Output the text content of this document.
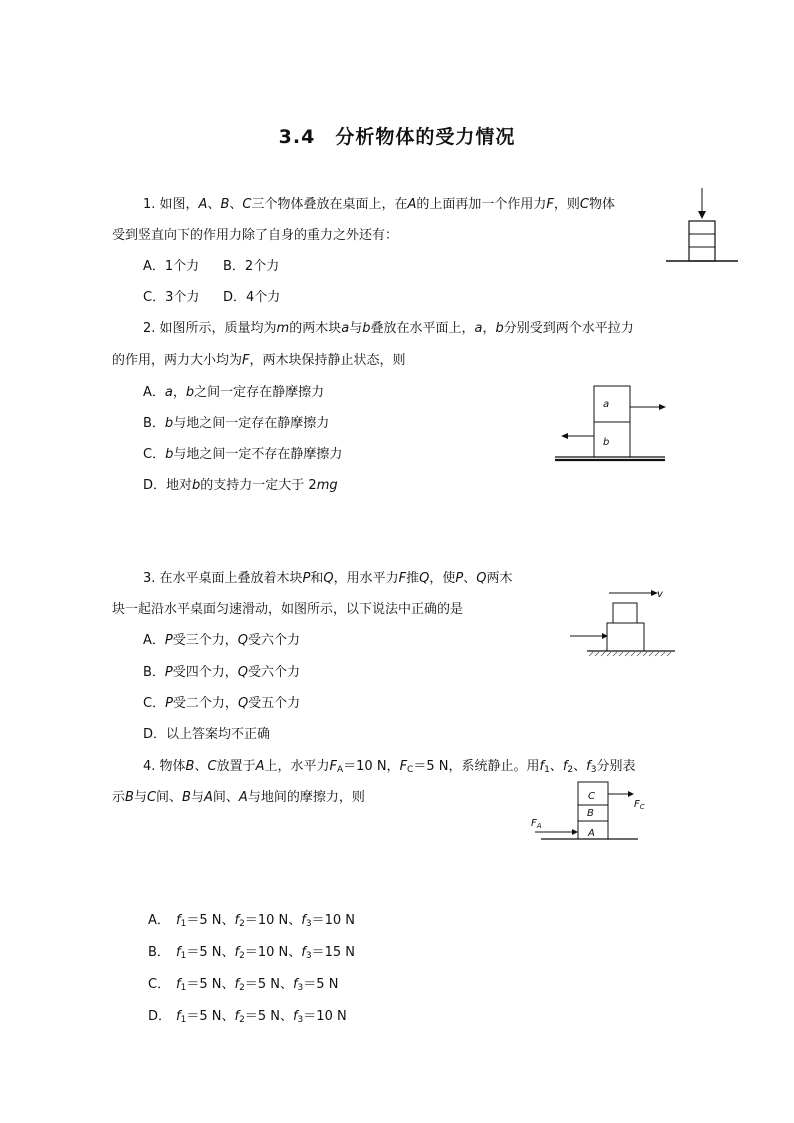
3.4　分析物体的受力情况
1. 如图，A、B、C三个物体叠放在桌面上，在A的上面再加一个作用力F，则C物体
受到竖直向下的作用力除了自身的重力之外还有：
A．1个力 B．2个力
C．3个力 D．4个力
2. 如图所示，质量均为m的两木块a与b叠放在水平面上，a，b分别受到两个水平拉力
的作用，两力大小均为F，两木块保持静止状态，则
A．a，b之间一定存在静摩擦力
B．b与地之间一定存在静摩擦力
C．b与地之间一定不存在静摩擦力
D．地对b的支持力一定大于 2mg
a
b
3. 在水平桌面上叠放着木块P和Q，用水平力F推Q，使P、Q两木
块一起沿水平桌面匀速滑动，如图所示，以下说法中正确的是
A．P受三个力，Q受六个力
B．P受四个力，Q受六个力
C．P受二个力，Q受五个力
D．以上答案均不正确
v
4. 物体B、C放置于A上，水平力$F_A=10$ N，$F_C=5$ N，系统静止。用$f_1$、$f_2$、$f_3$分别表
示B与C间、B与A间、A与地间的摩擦力，则	C
B
A
$F_C$
$F_A$
A． $f_1=5$ N、$f_2=10$ N、$f_3=10$ N
B． $f_1=5$ N、$f_2=10$ N、$f_3=15$ N
C． $f_1=5$ N、$f_2=5$ N、$f_3=5$ N
D． $f_1=5$ N、$f_2=5$ N、$f_3=10$ N
